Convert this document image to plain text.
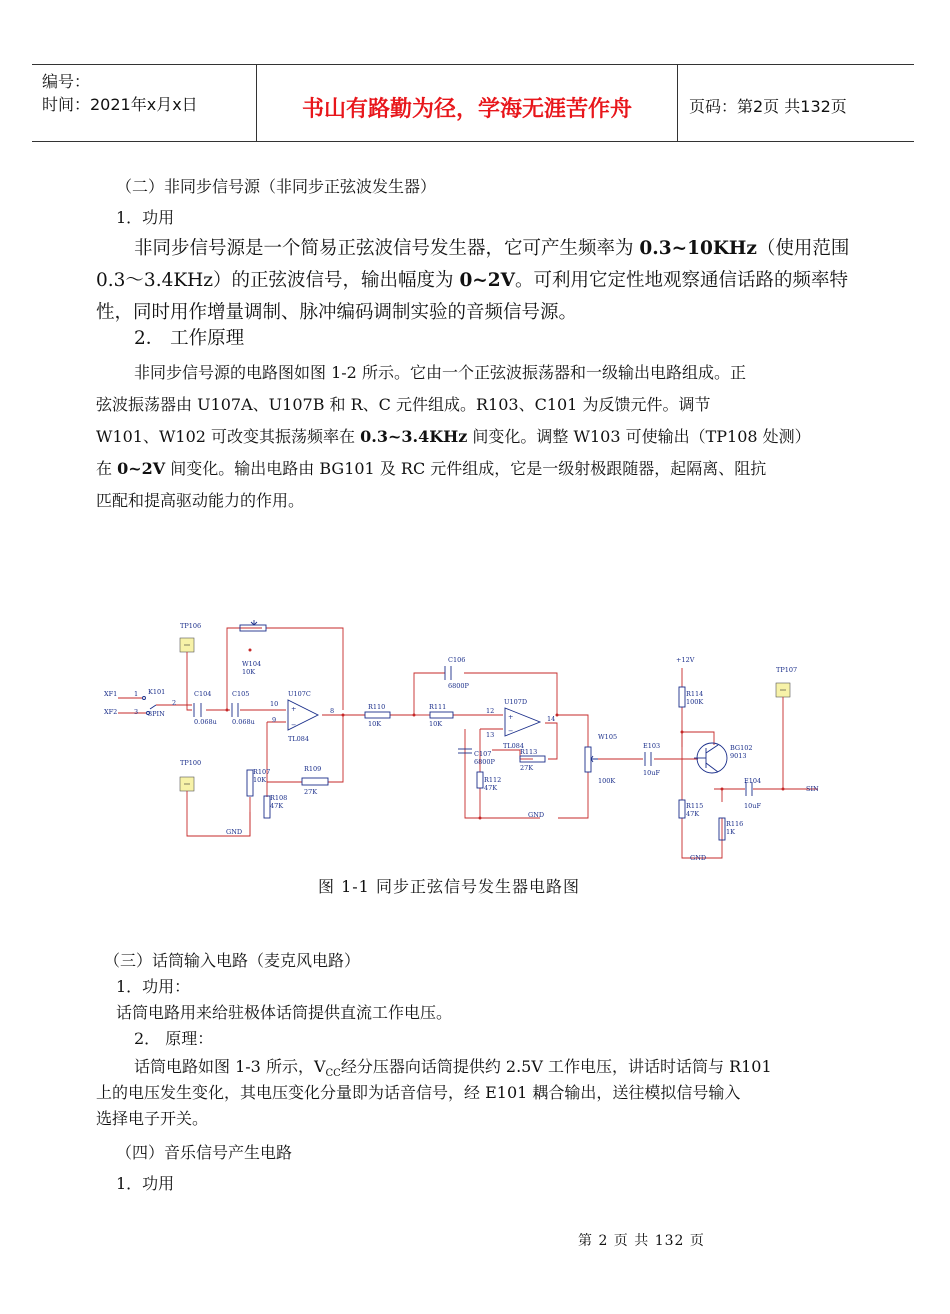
编号：
时间：2021年x月x日	书山有路勤为径，学海无涯苦作舟	页码：第2页 共132页
（二）非同步信号源（非同步正弦波发生器）
1．功用
非同步信号源是一个简易正弦波信号发生器，它可产生频率为 0.3~10KHz（使用范围
0.3～3.4KHz）的正弦波信号，输出幅度为 0~2V。可利用它定性地观察通信话路的频率特
性，同时用作增量调制、脉冲编码调制实验的音频信号源。
2． 工作原理
非同步信号源的电路图如图 1-2 所示。它由一个正弦波振荡器和一级输出电路组成。正
弦波振荡器由 U107A、U107B 和 R、C 元件组成。R103、C101 为反馈元件。调节
W101、W102 可改变其振荡频率在 0.3~3.4KHz 间变化。调整 W103 可使输出（TP108 处测）
在 0~2V 间变化。输出电路由 BG101 及 RC 元件组成，它是一级射极跟随器，起隔离、阻抗
匹配和提高驱动能力的作用。
+
−
+
−
TP106
TP100
TP107
W104
10K
XF1
XF2
1
3
2
K101
3PIN
C104
0.068u
C105
0.068u
U107C
TL084
10
9
8
R107
10K
R108
47K
R109
27K
GND
R110
10K
C106
6800P
R111
10K
U107D
12
13
14
TL084
C107
6800P
R113
27K
R112
47K
GND
W105
100K
E103
10uF
+12V
R114
100K
BG102
9013
R115
47K
R116
1K
E104
10uF
SIN
GND
图 1-1 同步正弦信号发生器电路图
（三）话筒输入电路（麦克风电路）
1．功用：
话筒电路用来给驻极体话筒提供直流工作电压。
2． 原理：
话筒电路如图 1-3 所示，$V_{CC}$经分压器向话筒提供约 2.5V 工作电压，讲话时话筒与 R101
上的电压发生变化，其电压变化分量即为话音信号，经 E101 耦合输出，送往模拟信号输入
选择电子开关。
（四）音乐信号产生电路
1．功用
第 2 页 共 132 页
